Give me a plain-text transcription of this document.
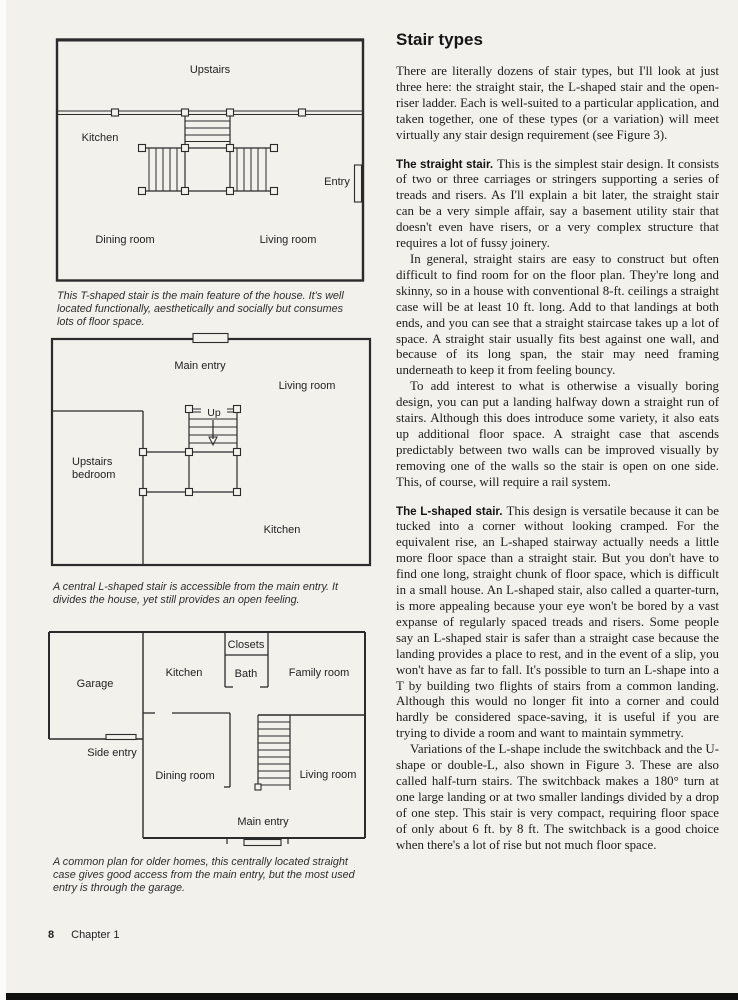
Upstairs
Kitchen
Entry
Dining room	Living room
This T-shaped stair is the main feature of the house. It's well located functionally, aesthetically and socially but consumes lots of floor space.
Up
Main entry
Living room
Upstairs
bedroom
Kitchen
A central L-shaped stair is accessible from the main entry. It divides the house, yet still provides an open feeling.
Garage
Kitchen
Closets
Bath	Family room
Side entry
Dining room	Living room
Main entry
A common plan for older homes, this centrally located straight case gives good access from the main entry, but the most used entry is through the garage.
Stair types

There are literally dozens of stair types, but I'll look at just three here: the straight stair, the L-shaped stair and the open-riser ladder. Each is well-suited to a particular application, and taken together, one of these types (or a variation) will meet virtually any stair design requirement (see Figure 3).

The straight stair. This is the simplest stair design. It consists of two or three carriages or stringers supporting a series of treads and risers. As I'll explain a bit later, the straight stair can be a very simple affair, say a basement utility stair that doesn't even have risers, or a very complex structure that requires a lot of fussy joinery.

In general, straight stairs are easy to construct but often difficult to find room for on the floor plan. They're long and skinny, so in a house with conventional 8-ft. ceilings a straight case will be at least 10 ft. long. Add to that landings at both ends, and you can see that a straight staircase takes up a lot of space. A straight stair usually fits best against one wall, and because of its long span, the stair may need framing underneath to keep it from feeling bouncy.

To add interest to what is otherwise a visually boring design, you can put a landing halfway down a straight run of stairs. Although this does introduce some variety, it also eats up additional floor space. A straight case that ascends predictably between two walls can be improved visually by removing one of the walls so the stair is open on one side. This, of course, will require a rail system.

The L-shaped stair. This design is versatile because it can be tucked into a corner without looking cramped. For the equivalent rise, an L-shaped stairway actually needs a little more floor space than a straight stair. But you don't have to find one long, straight chunk of floor space, which is difficult in a small house. An L-shaped stair, also called a quarter-turn, is more appealing because your eye won't be bored by a vast expanse of regularly spaced treads and risers. Some people say an L-shaped stair is safer than a straight case because the landing provides a place to rest, and in the event of a slip, you won't have as far to fall. It's possible to turn an L-shape into a T by building two flights of stairs from a common landing. Although this would no longer fit into a corner and could hardly be considered space-saving, it is useful if you are trying to divide a room and want to maintain symmetry.

Variations of the L-shape include the switchback and the U-shape or double-L, also shown in Figure 3. These are also called half-turn stairs. The switchback makes a 180° turn at one large landing or at two smaller landings divided by a drop of one step. This stair is very compact, requiring floor space of only about 6 ft. by 8 ft. The switchback is a good choice when there's a lot of rise but not much floor space.

8 Chapter 1
